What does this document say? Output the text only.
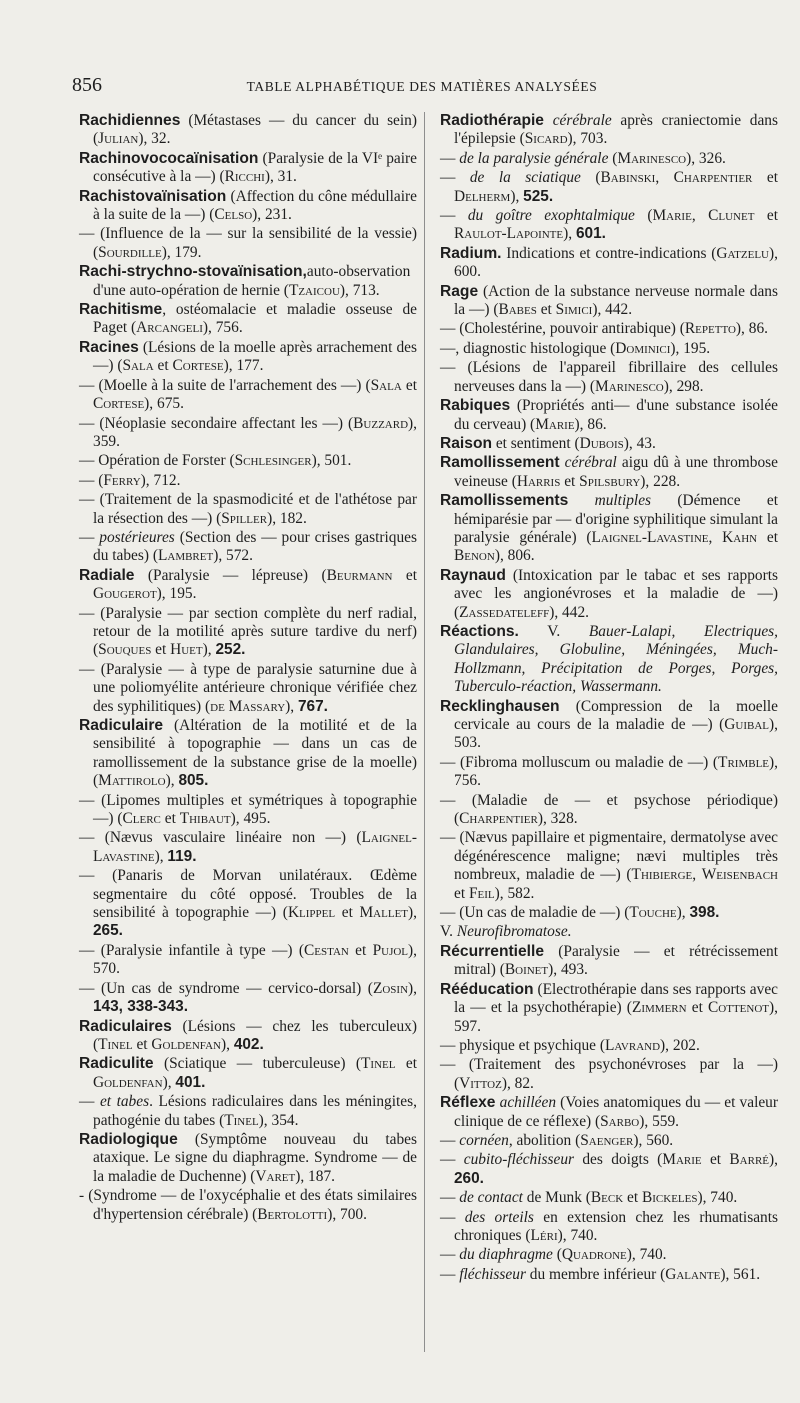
856	TABLE ALPHABÉTIQUE DES MATIÈRES ANALYSÉES

Rachidiennes (Métastases — du cancer du sein) (Julian), 32.

Rachinovococaïnisation (Paralysie de la VIᵉ paire consécutive à la —) (Ricchi), 31.

Rachistovaïnisation (Affection du cône médullaire à la suite de la —) (Celso), 231.

— (Influence de la — sur la sensibilité de la vessie) (Sourdille), 179.

Rachi-strychno-stovaïnisation,auto-observation d'une auto-opération de hernie (Tzaicou), 713.

Rachitisme, ostéomalacie et maladie osseuse de Paget (Arcangeli), 756.

Racines (Lésions de la moelle après arrachement des —) (Sala et Cortese), 177.

— (Moelle à la suite de l'arrachement des —) (Sala et Cortese), 675.

— (Néoplasie secondaire affectant les —) (Buzzard), 359.

— Opération de Forster (Schlesinger), 501.

— (Ferry), 712.

— (Traitement de la spasmodicité et de l'athétose par la résection des —) (Spiller), 182.

— postérieures (Section des — pour crises gastriques du tabes) (Lambret), 572.

Radiale (Paralysie — lépreuse) (Beurmann et Gougerot), 195.

— (Paralysie — par section complète du nerf radial, retour de la motilité après suture tardive du nerf) (Souques et Huet), 252.

— (Paralysie — à type de paralysie saturnine due à une poliomyélite antérieure chronique vérifiée chez des syphilitiques) (de Massary), 767.

Radiculaire (Altération de la motilité et de la sensibilité à topographie — dans un cas de ramollissement de la substance grise de la moelle) (Mattirolo), 805.

— (Lipomes multiples et symétriques à topographie —) (Clerc et Thibaut), 495.

— (Nævus vasculaire linéaire non —) (Laignel-Lavastine), 119.

— (Panaris de Morvan unilatéraux. Œdème segmentaire du côté opposé. Troubles de la sensibilité à topographie —) (Klippel et Mallet), 265.

— (Paralysie infantile à type —) (Cestan et Pujol), 570.

— (Un cas de syndrome — cervico-dorsal) (Zosin), 143, 338-343.

Radiculaires (Lésions — chez les tuberculeux) (Tinel et Goldenfan), 402.

Radiculite (Sciatique — tuberculeuse) (Tinel et Goldenfan), 401.

— et tabes. Lésions radiculaires dans les méningites, pathogénie du tabes (Tinel), 354.

Radiologique (Symptôme nouveau du tabes ataxique. Le signe du diaphragme. Syndrome — de la maladie de Duchenne) (Varet), 187.

- (Syndrome — de l'oxycéphalie et des états similaires d'hypertension cérébrale) (Bertolotti), 700.

Radiothérapie cérébrale après craniectomie dans l'épilepsie (Sicard), 703.

— de la paralysie générale (Marinesco), 326.

— de la sciatique (Babinski, Charpentier et Delherm), 525.

— du goître exophtalmique (Marie, Clunet et Raulot-Lapointe), 601.

Radium. Indications et contre-indications (Gatzelu), 600.

Rage (Action de la substance nerveuse normale dans la —) (Babes et Simici), 442.

— (Cholestérine, pouvoir antirabique) (Repetto), 86.

—, diagnostic histologique (Dominici), 195.

— (Lésions de l'appareil fibrillaire des cellules nerveuses dans la —) (Marinesco), 298.

Rabiques (Propriétés anti— d'une substance isolée du cerveau) (Marie), 86.

Raison et sentiment (Dubois), 43.

Ramollissement cérébral aigu dû à une thrombose veineuse (Harris et Spilsbury), 228.

Ramollissements multiples (Démence et hémiparésie par — d'origine syphilitique simulant la paralysie générale) (Laignel-Lavastine, Kahn et Benon), 806.

Raynaud (Intoxication par le tabac et ses rapports avec les angionévroses et la maladie de —) (Zassedateleff), 442.

Réactions. V. Bauer-Lalapi, Electriques, Glandulaires, Globuline, Méningées, Much-Hollzmann, Précipitation de Porges, Porges, Tuberculo-réaction, Wassermann.

Recklinghausen (Compression de la moelle cervicale au cours de la maladie de —) (Guibal), 503.

— (Fibroma molluscum ou maladie de —) (Trimble), 756.

— (Maladie de — et psychose périodique) (Charpentier), 328.

— (Nævus papillaire et pigmentaire, dermatolyse avec dégénérescence maligne; nævi multiples très nombreux, maladie de —) (Thibierge, Weisenbach et Feil), 582.

— (Un cas de maladie de —) (Touche), 398.

V. Neurofibromatose.

Récurrentielle (Paralysie — et rétrécissement mitral) (Boinet), 493.

Rééducation (Electrothérapie dans ses rapports avec la — et la psychothérapie) (Zimmern et Cottenot), 597.

— physique et psychique (Lavrand), 202.

— (Traitement des psychonévroses par la —) (Vittoz), 82.

Réflexe achilléen (Voies anatomiques du — et valeur clinique de ce réflexe) (Sarbo), 559.

— cornéen, abolition (Saenger), 560.

— cubito-fléchisseur des doigts (Marie et Barré), 260.

— de contact de Munk (Beck et Bickeles), 740.

— des orteils en extension chez les rhumatisants chroniques (Léri), 740.

— du diaphragme (Quadrone), 740.

— fléchisseur du membre inférieur (Galante), 561.
